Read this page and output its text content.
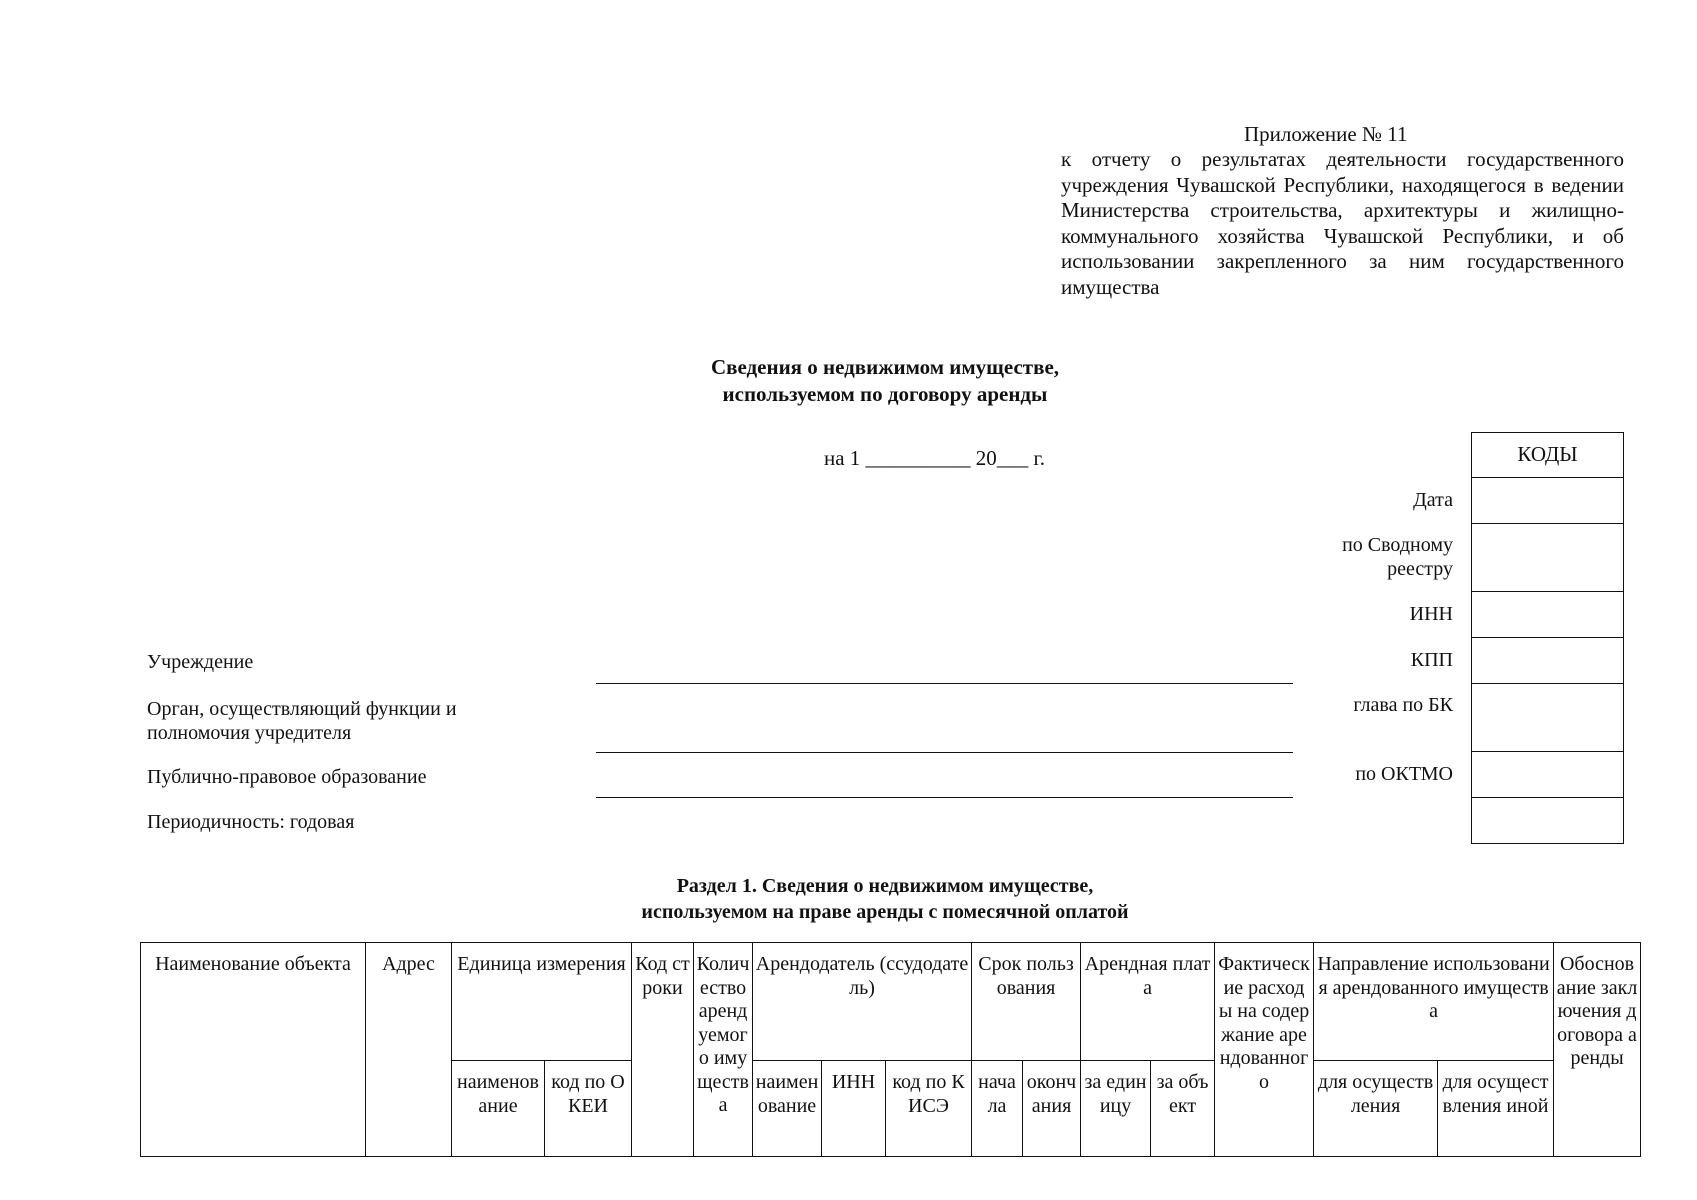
Приложение № 11
к отчету о результатах деятельности государственного учреждения Чувашской Республики, находящегося в ведении Министерства строительства, архитектуры и жилищно-коммунального хозяйства Чувашской Республики, и об использовании закрепленного за ним государственного имущества
Сведения о недвижимом имуществе,
используемом по договору аренды
на 1 __________ 20___ г.	КОДЫ
Дата
по Сводному реестру
ИНН
КПП
глава по БК
по ОКТМО
Учреждение
Орган, осуществляющий функции и полномочия учредителя
Публично-правовое образование
Периодичность: годовая
Раздел 1. Сведения о недвижимом имуществе,
используемом на праве аренды с помесячной оплатой
Наименование объекта	Адрес	Единица измерения		Код строки	Количество арендуемого имущества	Арендодатель (ссудодатель)			Срок пользования		Арендная плата		Фактические расходы на содержание арендованного	Направление использования арендованного имущества		Обоснование заключения договора аренды
		наименование	код по ОКЕИ			наименование	ИНН	код по КИСЭ	начала	окончания	за единицу	за объект		для осуществления	для осуществления иной	
